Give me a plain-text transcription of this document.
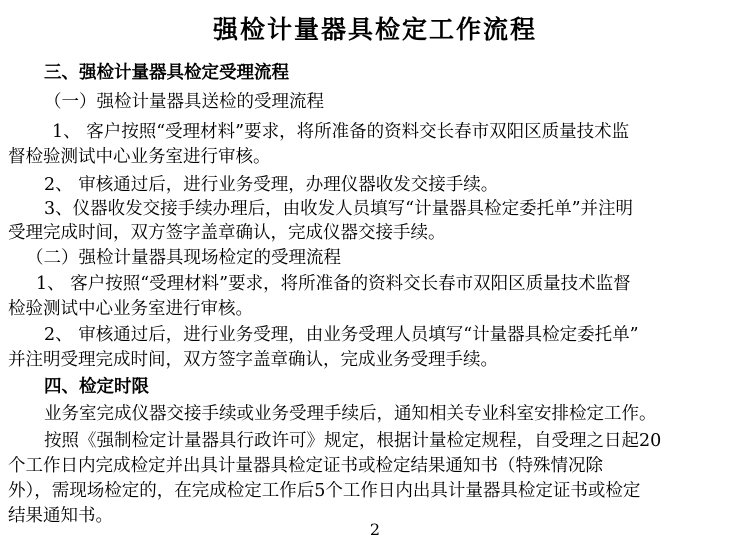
强检计量器具检定工作流程
三、强检计量器具检定受理流程
（一）强检计量器具送检的受理流程
1、 客户按照“受理材料”要求，将所准备的资料交长春市双阳区质量技术监
督检验测试中心业务室进行审核。
2、 审核通过后，进行业务受理，办理仪器收发交接手续。
3、仪器收发交接手续办理后，由收发人员填写“计量器具检定委托单”并注明
受理完成时间，双方签字盖章确认，完成仪器交接手续。
（二）强检计量器具现场检定的受理流程
1、 客户按照“受理材料”要求，将所准备的资料交长春市双阳区质量技术监督
检验测试中心业务室进行审核。
2、 审核通过后，进行业务受理，由业务受理人员填写“计量器具检定委托单”
并注明受理完成时间，双方签字盖章确认，完成业务受理手续。
四、检定时限
业务室完成仪器交接手续或业务受理手续后，通知相关专业科室安排检定工作。
按照《强制检定计量器具行政许可》规定，根据计量检定规程，自受理之日起20
个工作日内完成检定并出具计量器具检定证书或检定结果通知书（特殊情况除
外），需现场检定的，在完成检定工作后5个工作日内出具计量器具检定证书或检定
结果通知书。
2
